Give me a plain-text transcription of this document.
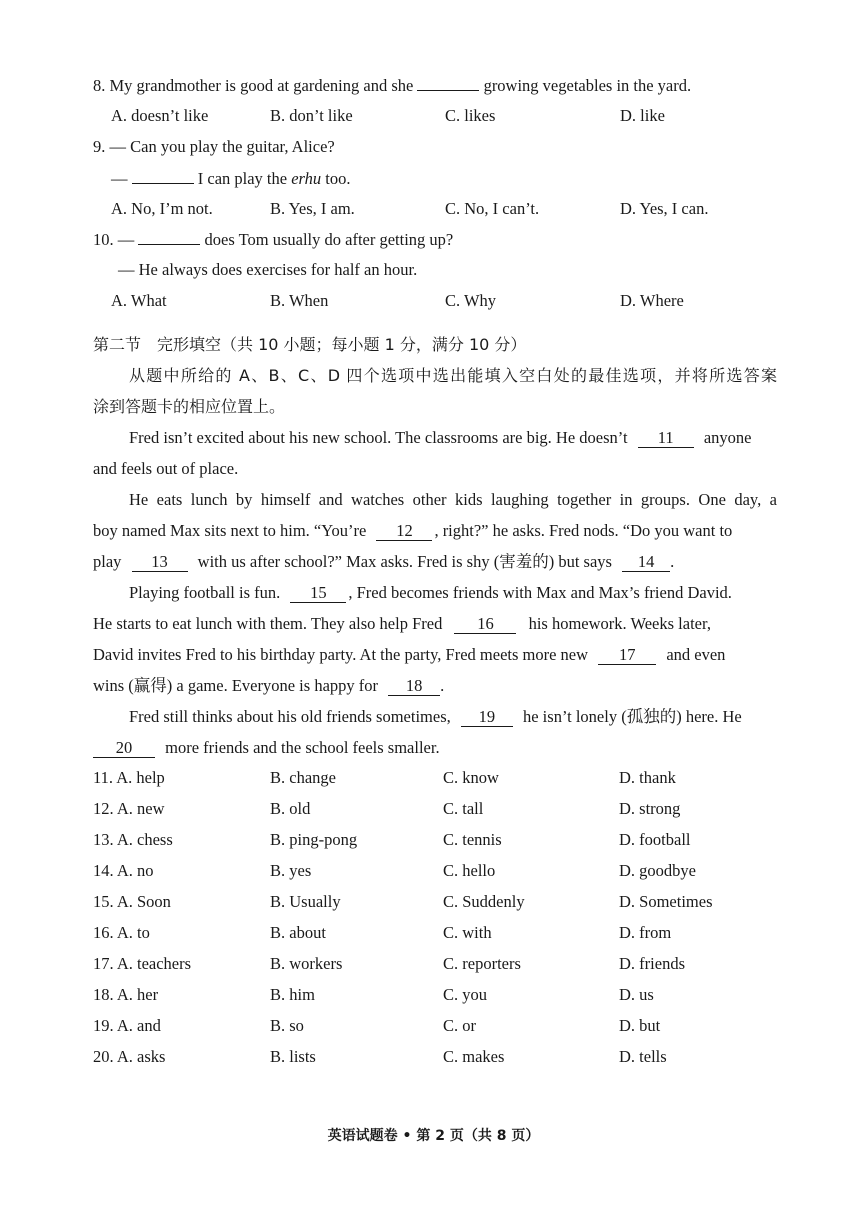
8. My grandmother is good at gardening and she	growing vegetables in the yard.
A. doesn’t like	B. don’t like	C. likes	D. like
9. — Can you play the guitar, Alice?
—	I can play the erhu too.
A. No, I’m not.	B. Yes, I am.	C. No, I can’t.	D. Yes, I can.
10. —	does Tom usually do after getting up?
— He always does exercises for half an hour.
A. What	B. When	C. Why	D. Where
第二节　完形填空（共 10 小题；每小题 1 分，满分 10 分）
从题中所给的 A、B、C、D 四个选项中选出能填入空白处的最佳选项，并将所选答案
涂到答题卡的相应位置上。
Fred isn’t excited about his new school. The classrooms are big. He doesn’t 11 anyone
and feels out of place.
He eats lunch by himself and watches other kids laughing together in groups. One day, a
boy named Max sits next to him. “You’re 12 , right?” he asks. Fred nods. “Do you want to
play 13 with us after school?” Max asks. Fred is shy (害羞的) but says 14 .
Playing football is fun. 15 , Fred becomes friends with Max and Max’s friend David.
He starts to eat lunch with them. They also help Fred 16 his homework. Weeks later,
David invites Fred to his birthday party. At the party, Fred meets more new 17 and even
wins (赢得) a game. Everyone is happy for 18 .
Fred still thinks about his old friends sometimes, 19 he isn’t lonely (孤独的) here. He
20 more friends and the school feels smaller.
11. A. help	B. change	C. know	D. thank
12. A. new	B. old	C. tall	D. strong
13. A. chess	B. ping-pong	C. tennis	D. football
14. A. no	B. yes	C. hello	D. goodbye
15. A. Soon	B. Usually	C. Suddenly	D. Sometimes
16. A. to	B. about	C. with	D. from
17. A. teachers	B. workers	C. reporters	D. friends
18. A. her	B. him	C. you	D. us
19. A. and	B. so	C. or	D. but
20. A. asks	B. lists	C. makes	D. tells
英语试题卷 • 第 2 页（共 8 页）
